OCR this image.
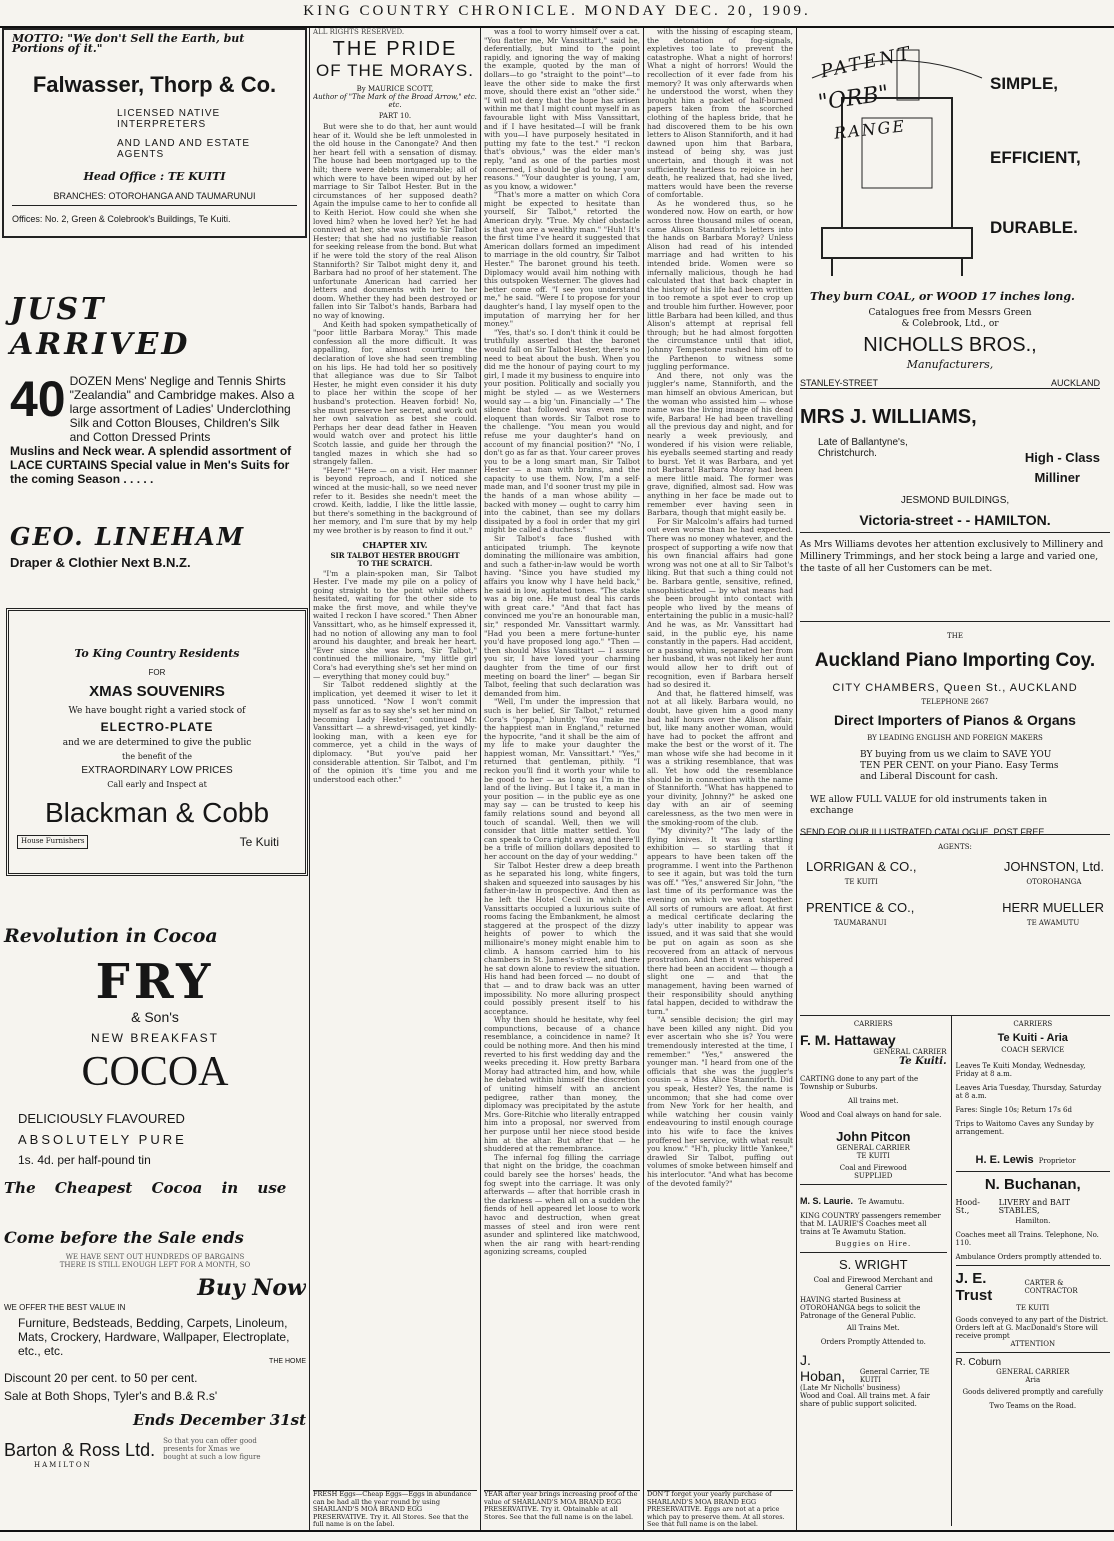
KING COUNTRY CHRONICLE. MONDAY DEC. 20, 1909.
MOTTO: "We don't Sell the Earth, but Portions of it."
Falwasser, Thorp & Co.
LICENSED NATIVE INTERPRETERS
AND LAND AND ESTATE AGENTS
Head Office : TE KUITI
BRANCHES: OTOROHANGA AND TAUMARUNUI
Offices: No. 2, Green & Colebrook's Buildings, Te Kuiti.
JUST ARRIVED
40 DOZEN Mens' Neglige and Tennis Shirts "Zealandia" and Cambridge makes. Also a large assortment of Ladies' Underclothing Silk and Cotton Blouses, Children's Silk and Cotton Dressed Prints
Muslins and Neck wear. A splendid assortment of LACE CURTAINS Special value in Men's Suits for the coming Season . . . . .
GEO. LINEHAM
Draper & Clothier Next B.N.Z.
To King Country Residents
FOR
XMAS SOUVENIRS
We have bought right a varied stock of
ELECTRO-PLATE
and we are determined to give the public
the benefit of the
EXTRAORDINARY LOW PRICES
Call early and Inspect at
Blackman & Cobb
House Furnishers	Te Kuiti
Revolution in Cocoa
FRY
& Son's
NEW BREAKFAST
COCOA
DELICIOUSLY FLAVOURED
ABSOLUTELY PURE
1s. 4d. per half-pound tin
The Cheapest Cocoa in use
Come before the Sale ends
WE HAVE SENT OUT HUNDREDS OF BARGAINS
THERE IS STILL ENOUGH LEFT FOR A MONTH, SO
Buy Now
WE OFFER THE BEST VALUE IN
Furniture, Bedsteads, Bedding, Carpets, Linoleum, Mats, Crockery, Hardware, Wallpaper, Electroplate, etc., etc.
THE HOME
Discount 20 per cent. to 50 per cent.
Sale at Both Shops, Tyler's and B.& R.s'
Ends December 31st
Barton & Ross Ltd. So that you can offer good presents for Xmas we bought at such a low figure
HAMILTON
ALL RIGHTS RESERVED.
THE PRIDE
OF THE MORAYS.
By MAURICE SCOTT,
Author of "The Mark of the Broad Arrow," etc. etc.
PART 10.

But were she to do that, her aunt would hear of it. Would she be left unmolested in the old house in the Canongate? And then her heart fell with a sensation of dismay. The house had been mortgaged up to the hilt; there were debts innumerable; all of which were to have been wiped out by her marriage to Sir Talbot Hester. But in the circumstances of her supposed death? Again the impulse came to her to confide all to Keith Heriot. How could she when she loved him? when he loved her? Yet he had connived at her, she was wife to Sir Talbot Hester; that she had no justifiable reason for seeking release from the bond. But what if he were told the story of the real Alison Stanniforth? Sir Talbot might deny it, and Barbara had no proof of her statement. The unfortunate American had carried her letters and documents with her to her doom. Whether they had been destroyed or fallen into Sir Talbot's hands, Barbara had no way of knowing.

And Keith had spoken sympathetically of "poor little Barbara Moray." This made confession all the more difficult. It was appalling, for, almost courting the declaration of love she had seen trembling on his lips. He had told her so positively that allegiance was due to Sir Talbot Hester, he might even consider it his duty to place her within the scope of her husband's protection. Heaven forbid! No, she must preserve her secret, and work out her own salvation as best she could. Perhaps her dear dead father in Heaven would watch over and protect his little Scotch lassie, and guide her through the tangled mazes in which she had so strangely fallen.

"Here!" "Here — on a visit. Her manner is beyond reproach, and I noticed she winced at the music-hall, so we need never refer to it. Besides she needn't meet the crowd. Keith, laddie, I like the little lassie, but there's something in the background of her memory, and I'm sure that by my help my wee brother is by reason to find it out."

CHAPTER XIV.
SIR TALBOT HESTER BROUGHT
TO THE SCRATCH.

"I'm a plain-spoken man, Sir Talbot Hester. I've made my pile on a policy of going straight to the point while others hesitated, waiting for the other side to make the first move, and while they've waited I reckon I have scored." Then Abner Vanssittart, who, as he himself expressed it, had no notion of allowing any man to fool around his daughter, and break her heart. "Ever since she was born, Sir Talbot," continued the millionaire, "my little girl Cora's had everything she's set her mind on — everything that money could buy."

Sir Talbot reddened slightly at the implication, yet deemed it wiser to let it pass unnoticed. "Now I won't commit myself as far as to say she's set her mind on becoming Lady Hester," continued Mr. Vanssittart — a shrewd-visaged, yet kindly-looking man, with a keen eye for commerce, yet a child in the ways of diplomacy. "But you've paid her considerable attention. Sir Talbot, and I'm of the opinion it's time you and me understood each other."

FRESH Eggs—Cheap Eggs—Eggs in abundance can be had all the year round by using SHARLAND'S MOA BRAND EGG PRESERVATIVE. Try it. All Stores. See that the full name is on the label.

was a fool to worry himself over a cat. "You flatter me, Mr Vanssittart," said he, deferentially, but mind to the point rapidly, and ignoring the way of making the example, quoted by the man of dollars—to go "straight to the point"—to leave the other side to make the first move, should there exist an "other side." "I will not deny that the hope has arisen within me that I might count myself in as favourable light with Miss Vanssittart, and if I have hesitated—I will be frank with you—I have purposely hesitated in putting my fate to the test." "I reckon that's obvious," was the elder man's reply, "and as one of the parties most concerned, I should be glad to hear your reasons." "Your daughter is young, I am, as you know, a widower."

"That's more a matter on which Cora might be expected to hesitate than yourself, Sir Talbot," retorted the American dryly. "True. My chief obstacle is that you are a wealthy man." "Huh! It's the first time I've heard it suggested that American dollars formed an impediment to marriage in the old country, Sir Talbot Hester." The baronet ground his teeth. Diplomacy would avail him nothing with this outspoken Westerner. The gloves had better come off. "I see you understand me," he said. "Were I to propose for your daughter's hand, I lay myself open to the imputation of marrying her for her money."

"Yes, that's so. I don't think it could be truthfully asserted that the baronet would fall on Sir Talbot Hester, there's no need to beat about the bush. When you did me the honour of paying court to my girl, I made it my business to enquire into your position. Politically and socially you might be styled — as we Westerners would say — a big 'un. Financially —" The silence that followed was even more eloquent than words. Sir Talbot rose to the challenge. "You mean you would refuse me your daughter's hand on account of my financial position?" "No, I don't go as far as that. Your career proves you to be a long smart man, Sir Talbot Hester — a man with brains, and the capacity to use them. Now, I'm a self-made man, and I'd sooner trust my pile in the hands of a man whose ability — backed with money — ought to carry him into the cabinet, than see my dollars dissipated by a fool in order that my girl might be called a duchess."

Sir Talbot's face flushed with anticipated triumph. The keynote dominating the millionaire was ambition, and such a father-in-law would be worth having. "Since you have studied my affairs you know why I have held back," he said in low, agitated tones. "The stake was a big one. He must deal his cards with great care." "And that fact has convinced me you're an honourable man, sir," responded Mr. Vanssittart warmly. "Had you been a mere fortune-hunter you'd have proposed long ago." "Then — then should Miss Vanssittart — I assure you sir, I have loved your charming daughter from the time of our first meeting on board the liner" — began Sir Talbot, feeling that such declaration was demanded from him.

"Well, I'm under the impression that such is her belief, Sir Talbot," returned Cora's "poppa," bluntly. "You make me the happiest man in England," returned the hypocrite, "and it shall be the aim of my life to make your daughter the happiest woman, Mr. Vanssittart." "Yes," returned that gentleman, pithily. "I reckon you'll find it worth your while to be good to her — as long as I'm in the land of the living. But I take it, a man in your position — in the public eye as one may say — can be trusted to keep his family relations sound and beyond all touch of scandal. Well, then we will consider that little matter settled. You can speak to Cora right away, and there'll be a trifle of million dollars deposited to her account on the day of your wedding."

Sir Talbot Hester drew a deep breath as he separated his long, white fingers, shaken and squeezed into sausages by his father-in-law in prospective. And then as he left the Hotel Cecil in which the Vanssittarts occupied a luxurious suite of rooms facing the Embankment, he almost staggered at the prospect of the dizzy heights of power to which the millionaire's money might enable him to climb. A hansom carried him to his chambers in St. James's-street, and there he sat down alone to review the situation. His hand had been forced — no doubt of that — and to draw back was an utter impossibility. No more alluring prospect could possibly present itself to his acceptance.

Why then should he hesitate, why feel compunctions, because of a chance resemblance, a coincidence in name? It could be nothing more. And then his mind reverted to his first wedding day and the weeks preceding it. How pretty Barbara Moray had attracted him, and how, while he debated within himself the discretion of uniting himself with an ancient pedigree, rather than money, the diplomacy was precipitated by the astute Mrs. Gore-Ritchie who literally entrapped him into a proposal, nor swerved from her purpose until her niece stood beside him at the altar. But after that — he shuddered at the remembrance.

The infernal fog filling the carriage that night on the bridge, the coachman could barely see the horses' heads, the fog swept into the carriage. It was only afterwards — after that horrible crash in the darkness — when all on a sudden the fiends of hell appeared let loose to work havoc and destruction, when great masses of steel and iron were rent asunder and splintered like matchwood, when the air rang with heart-rending agonizing screams, coupled

YEAR after year brings increasing proof of the value of SHARLAND'S MOA BRAND EGG PRESERVATIVE. Try it. Obtainable at all Stores. See that the full name is on the label.

with the hissing of escaping steam, the detonation of fog-signals, expletives too late to prevent the catastrophe. What a night of horrors! What a night of horrors! Would the recollection of it ever fade from his memory? It was only afterwards when he understood the worst, when they brought him a packet of half-burned papers taken from the scorched clothing of the hapless bride, that he had discovered them to be his own letters to Alison Stanniforth, and it had dawned upon him that Barbara, instead of being shy, was just uncertain, and though it was not sufficiently heartless to rejoice in her death, he realized that, had she lived, matters would have been the reverse of comfortable.

As he wondered thus, so he wondered now. How on earth, or how across three thousand miles of ocean, came Alison Stanniforth's letters into the hands on Barbara Moray? Unless Alison had read of his intended marriage and had written to his intended bride. Women were so infernally malicious, though he had calculated that that back chapter in the history of his life had been written in too remote a spot ever to crop up and trouble him further. However, poor little Barbara had been killed, and thus Alison's attempt at reprisal fell through; but he had almost forgotten the circumstance until that idiot, Johnny Tempestone rushed him off to the Parthenon to witness some juggling performance.

And there, not only was the juggler's name, Stanniforth, and the man himself an obvious American, but the woman who assisted him — whose name was the living image of his dead wife, Barbara! He had been travelling all the previous day and night, and for nearly a week previously, and wondered if his vision were reliable, his eyeballs seemed starting and ready to burst. Yet it was Barbara, and yet not Barbara! Barbara Moray had been a mere little maid. The former was grave, dignified, almost sad. How was anything in her face be made out to remember ever having seen in Barbara, though that might easily be.

For Sir Malcolm's affairs had turned out even worse than he had expected. There was no money whatever, and the prospect of supporting a wife now that his own financial affairs had gone wrong was not one at all to Sir Talbot's liking. But that such a thing could not be. Barbara gentle, sensitive, refined, unsophisticated — by what means had she been brought into contact with people who lived by the means of entertaining the public in a music-hall? And he was, as Mr. Vanssittart had said, in the public eye, his name constantly in the papers. Had accident, or a passing whim, separated her from her husband, it was not likely her aunt would allow her to drift out of recognition, even if Barbara herself had so desired it.

And that, he flattered himself, was not at all likely. Barbara would, no doubt, have given him a good many bad half hours over the Alison affair, but, like many another woman, would have had to pocket the affront and make the best or the worst of it. The man whose wife she had become in it was a striking resemblance, that was all. Yet how odd the resemblance should be in connection with the name of Stanniforth. "What has happened to your divinity, Johnny?" he asked one day with an air of seeming carelessness, as the two men were in the smoking-room of the club.

"My divinity?" "The lady of the flying knives. It was a startling exhibition — so startling that it appears to have been taken off the programme. I went into the Parthenon to see it again, but was told the turn was off." "Yes," answered Sir John, "the last time of its performance was the evening on which we went together. All sorts of rumours are afloat. At first a medical certificate declaring the lady's utter inability to appear was issued, and it was said that she would be put on again as soon as she recovered from an attack of nervous prostration. And then it was whispered there had been an accident — though a slight one — and that the management, having been warned of their responsibility should anything fatal happen, decided to withdraw the turn."

"A sensible decision; the girl may have been killed any night. Did you ever ascertain who she is? You were tremendously interested at the time, I remember." "Yes," answered the younger man. "I heard from one of the officials that she was the juggler's cousin — a Miss Alice Stanniforth. Did you speak, Hester? Yes, the name is uncommon; that she had come over from New York for her health, and while watching her cousin vainly endeavouring to instil enough courage into his wife to face the knives proffered her service, with what result you know." "H'h, plucky little Yankee," drawled Sir Talbot, puffing out volumes of smoke between himself and his interlocutor. "And what has become of the devoted family?"

DON'T forget your yearly purchase of SHARLAND'S MOA BRAND EGG PRESERVATIVE. Eggs are not at a price which pay to preserve them. At all stores. See that full name is on the label.
PATENT
"ORB"
RANGE
SIMPLE,
EFFICIENT,
DURABLE.
They burn COAL, or WOOD 17 inches long.
Catalogues free from Messrs Green
& Colebrook, Ltd., or
NICHOLLS BROS.,
Manufacturers,
STANLEY-STREET	AUCKLAND
MRS J. WILLIAMS,
Late of Ballantyne's, Christchurch.	High - Class
Milliner
JESMOND BUILDINGS,
Victoria-street - - HAMILTON.
As Mrs Williams devotes her attention exclusively to Millinery and Millinery Trimmings, and her stock being a large and varied one, the taste of all her Customers can be met.
THE
Auckland Piano Importing Coy.
CITY CHAMBERS, Queen St., AUCKLAND
TELEPHONE 2667
Direct Importers of Pianos & Organs
BY LEADING ENGLISH AND FOREIGN MAKERS
BY buying from us we claim to SAVE YOU TEN PER CENT. on your Piano. Easy Terms and Liberal Discount for cash.
WE allow FULL VALUE for old instruments taken in exchange
SEND FOR OUR ILLUSTRATED CATALOGUE. POST FREE
AGENTS:
LORRIGAN & CO.,
TE KUITI
JOHNSTON, Ltd.
OTOROHANGA
PRENTICE & CO.,
TAUMARANUI
HERR MUELLER
TE AWAMUTU
CARRIERS
F. M. Hattaway
GENERAL CARRIER
Te Kuiti.
CARTING done to any part of the Township or Suburbs.
All trains met.
Wood and Coal always on hand for sale.
John Pitcon
GENERAL CARRIER
TE KUITI
Coal and Firewood
SUPPLIED
M. S. Laurie. Te Awamutu.
KING COUNTRY passengers remember that M. LAURIE'S Coaches meet all trains at Te Awamutu Station.
Buggies on Hire.
S. WRIGHT
Coal and Firewood Merchant and General Carrier
HAVING started Business at OTOROHANGA begs to solicit the Patronage of the General Public.
All Trains Met.
Orders Promptly Attended to.
J. Hoban,	General Carrier, TE KUITI
(Late Mr Nicholls' business)
Wood and Coal. All trains met. A fair share of public support solicited.
CARRIERS
Te Kuiti - Aria
COACH SERVICE
Leaves Te Kuiti Monday, Wednesday, Friday at 8 a.m.
Leaves Aria Tuesday, Thursday, Saturday at 8 a.m.
Fares: Single 10s; Return 17s 6d
Trips to Waitomo Caves any Sunday by arrangement.
H. E. Lewis Proprietor
N. Buchanan,
Hood-St.,
LIVERY and BAIT STABLES,
Hamilton.
Coaches meet all Trains. Telephone, No. 110.
Ambulance Orders promptly attended to.
J. E. Trust
CARTER & CONTRACTOR
TE KUITI
Goods conveyed to any part of the District. Orders left at G. MacDonald's Store will receive prompt
ATTENTION
R. Coburn
GENERAL CARRIER
Aria
Goods delivered promptly and carefully
Two Teams on the Road.
